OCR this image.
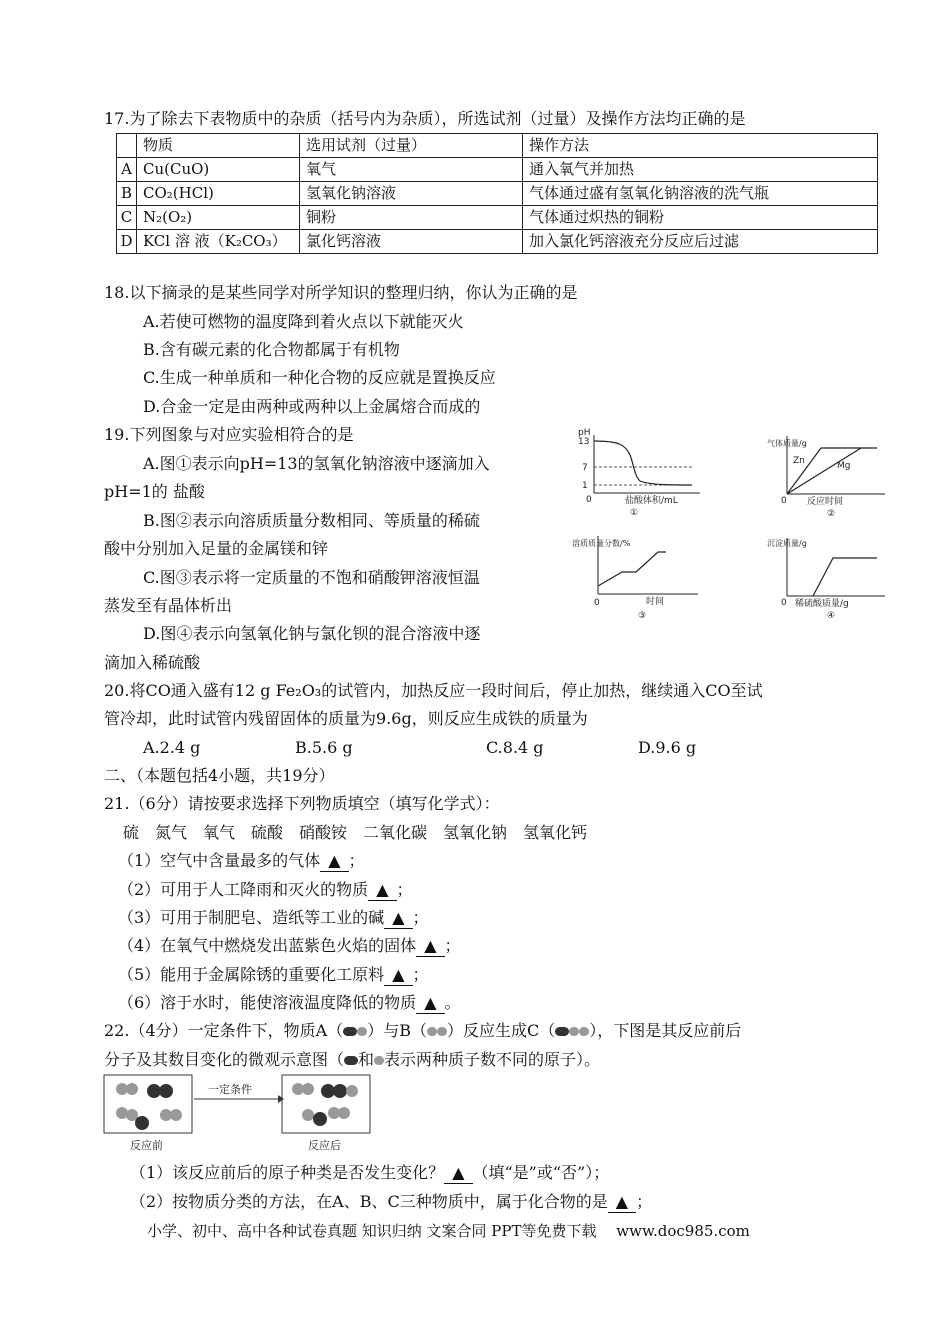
17.为了除去下表物质中的杂质（括号内为杂质），所选试剂（过量）及操作方法均正确的是
	物质	选用试剂（过量）	操作方法
A	Cu(CuO)	氧气	通入氧气并加热
B	CO₂(HCl)	氢氧化钠溶液	气体通过盛有氢氧化钠溶液的洗气瓶
C	N₂(O₂)	铜粉	气体通过炽热的铜粉
D	KCl 溶 液（K₂CO₃）	氯化钙溶液	加入氯化钙溶液充分反应后过滤
18.以下摘录的是某些同学对所学知识的整理归纳，你认为正确的是
A.若使可燃物的温度降到着火点以下就能灭火
B.含有碳元素的化合物都属于有机物
C.生成一种单质和一种化合物的反应就是置换反应
D.合金一定是由两种或两种以上金属熔合而成的
19.下列图象与对应实验相符合的是
A.图①表示向pH=13的氢氧化钠溶液中逐滴加入
pH=1的 盐酸
B.图②表示向溶质质量分数相同、等质量的稀硫
酸中分别加入足量的金属镁和锌
C.图③表示将一定质量的不饱和硝酸钾溶液恒温
蒸发至有晶体析出
D.图④表示向氢氧化钠与氯化钡的混合溶液中逐
滴加入稀硫酸
pH
13
7
1
0	盐酸体积/mL
①
气体质量/g
Zn	Mg
0 反应时间
②
溶质质量分数/%
0	时间
③
沉淀质量/g
0 稀硫酸质量/g
④
20.将CO通入盛有12 g Fe₂O₃的试管内，加热反应一段时间后，停止加热，继续通入CO至试
管冷却，此时试管内残留固体的质量为9.6g，则反应生成铁的质量为
A.2.4 g	B.5.6 g	C.8.4 g	D.9.6 g
二、（本题包括4小题，共19分）
21.（6分）请按要求选择下列物质填空（填写化学式）：
硫　氮气　氧气　硫酸　硝酸铵　二氧化碳　氢氧化钠　氢氧化钙
（1）空气中含量最多的气体 ▲ ；
（2）可用于人工降雨和灭火的物质 ▲ ；
（3）可用于制肥皂、造纸等工业的碱 ▲ ；
（4）在氧气中燃烧发出蓝紫色火焰的固体 ▲ ；
（5）能用于金属除锈的重要化工原料 ▲ ；
（6）溶于水时，能使溶液温度降低的物质 ▲ 。
22.（4分）一定条件下，物质A（ ）与B（ ）反应生成C（ ），下图是其反应前后
分子及其数目变化的微观示意图（ 和 表示两种质子数不同的原子）。
一定条件
反应前	反应后
（1）该反应前后的原子种类是否发生变化？ ▲ （填“是”或“否”）；
（2）按物质分类的方法，在A、B、C三种物质中，属于化合物的是 ▲ ；
小学、初中、高中各种试卷真题 知识归纳 文案合同 PPT等免费下载　 www.doc985.com
